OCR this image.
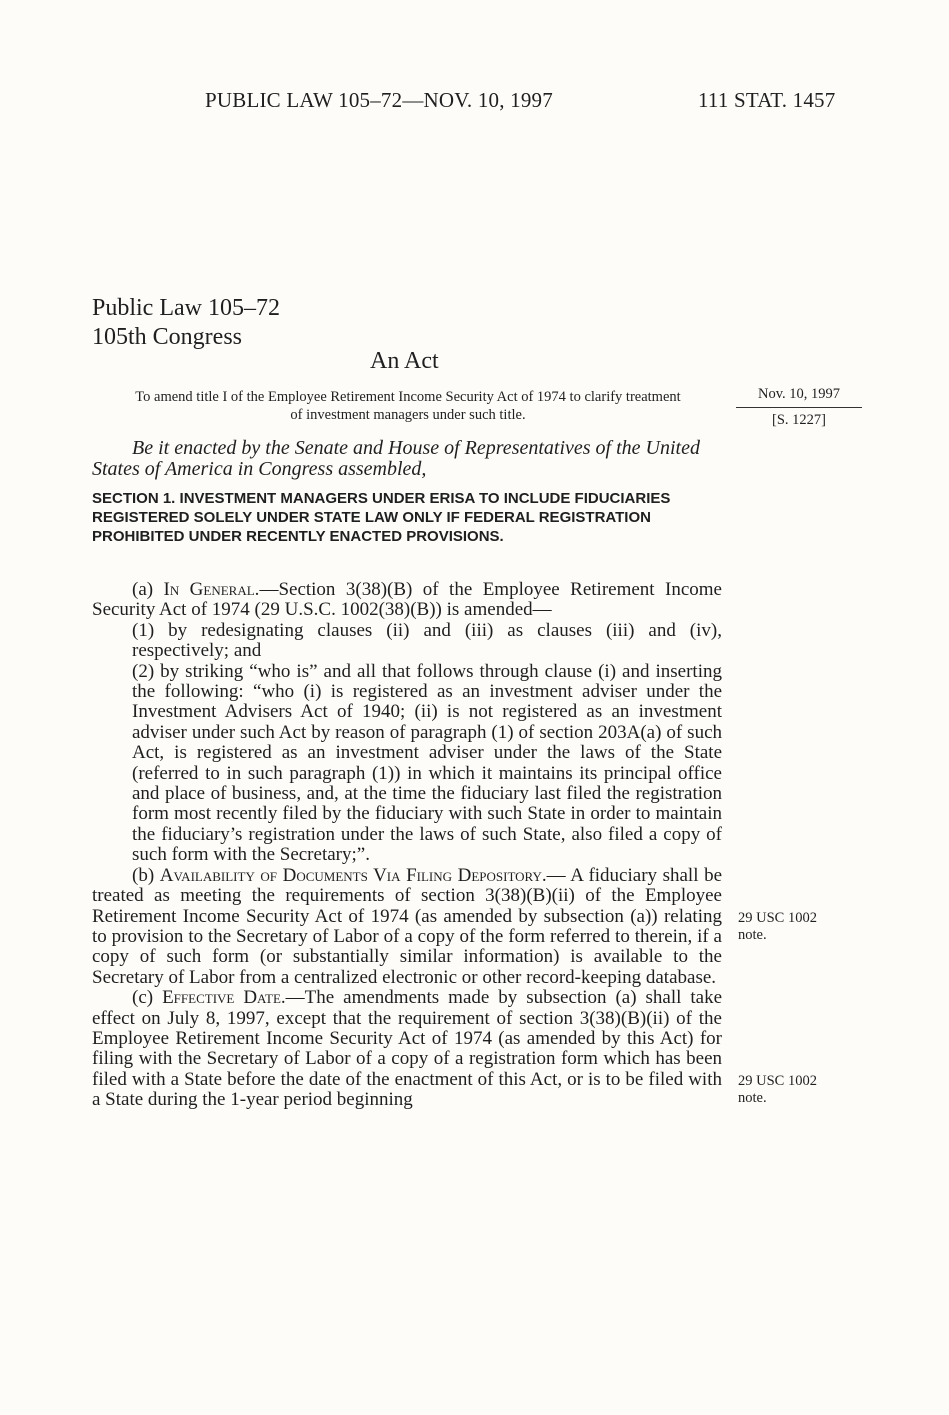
PUBLIC LAW 105–72—NOV. 10, 1997	111 STAT. 1457
Public Law 105–72
105th Congress
An Act
To amend title I of the Employee Retirement Income Security Act of 1974 to clarify treatment of investment managers under such title.
Nov. 10, 1997
[S. 1227]
Be it enacted by the Senate and House of Representatives of the United States of America in Congress assembled,
SECTION 1. INVESTMENT MANAGERS UNDER ERISA TO INCLUDE FIDUCIARIES REGISTERED SOLELY UNDER STATE LAW ONLY IF FEDERAL REGISTRATION PROHIBITED UNDER RECENTLY ENACTED PROVISIONS.

(a) In General.—Section 3(38)(B) of the Employee Retirement Income Security Act of 1974 (29 U.S.C. 1002(38)(B)) is amended—

(1) by redesignating clauses (ii) and (iii) as clauses (iii) and (iv), respectively; and

(2) by striking “who is” and all that follows through clause (i) and inserting the following: “who (i) is registered as an investment adviser under the Investment Advisers Act of 1940; (ii) is not registered as an investment adviser under such Act by reason of paragraph (1) of section 203A(a) of such Act, is registered as an investment adviser under the laws of the State (referred to in such paragraph (1)) in which it maintains its principal office and place of business, and, at the time the fiduciary last filed the registration form most recently filed by the fiduciary with such State in order to maintain the fiduciary’s registration under the laws of such State, also filed a copy of such form with the Secretary;”.

(b) Availability of Documents Via Filing Depository.— A fiduciary shall be treated as meeting the requirements of section 3(38)(B)(ii) of the Employee Retirement Income Security Act of 1974 (as amended by subsection (a)) relating to provision to the Secretary of Labor of a copy of the form referred to therein, if a copy of such form (or substantially similar information) is available to the Secretary of Labor from a centralized electronic or other record-keeping database.

(c) Effective Date.—The amendments made by subsection (a) shall take effect on July 8, 1997, except that the requirement of section 3(38)(B)(ii) of the Employee Retirement Income Security Act of 1974 (as amended by this Act) for filing with the Secretary of Labor of a copy of a registration form which has been filed with a State before the date of the enactment of this Act, or is to be filed with a State during the 1-year period beginning

29 USC 1002
note.
29 USC 1002
note.
